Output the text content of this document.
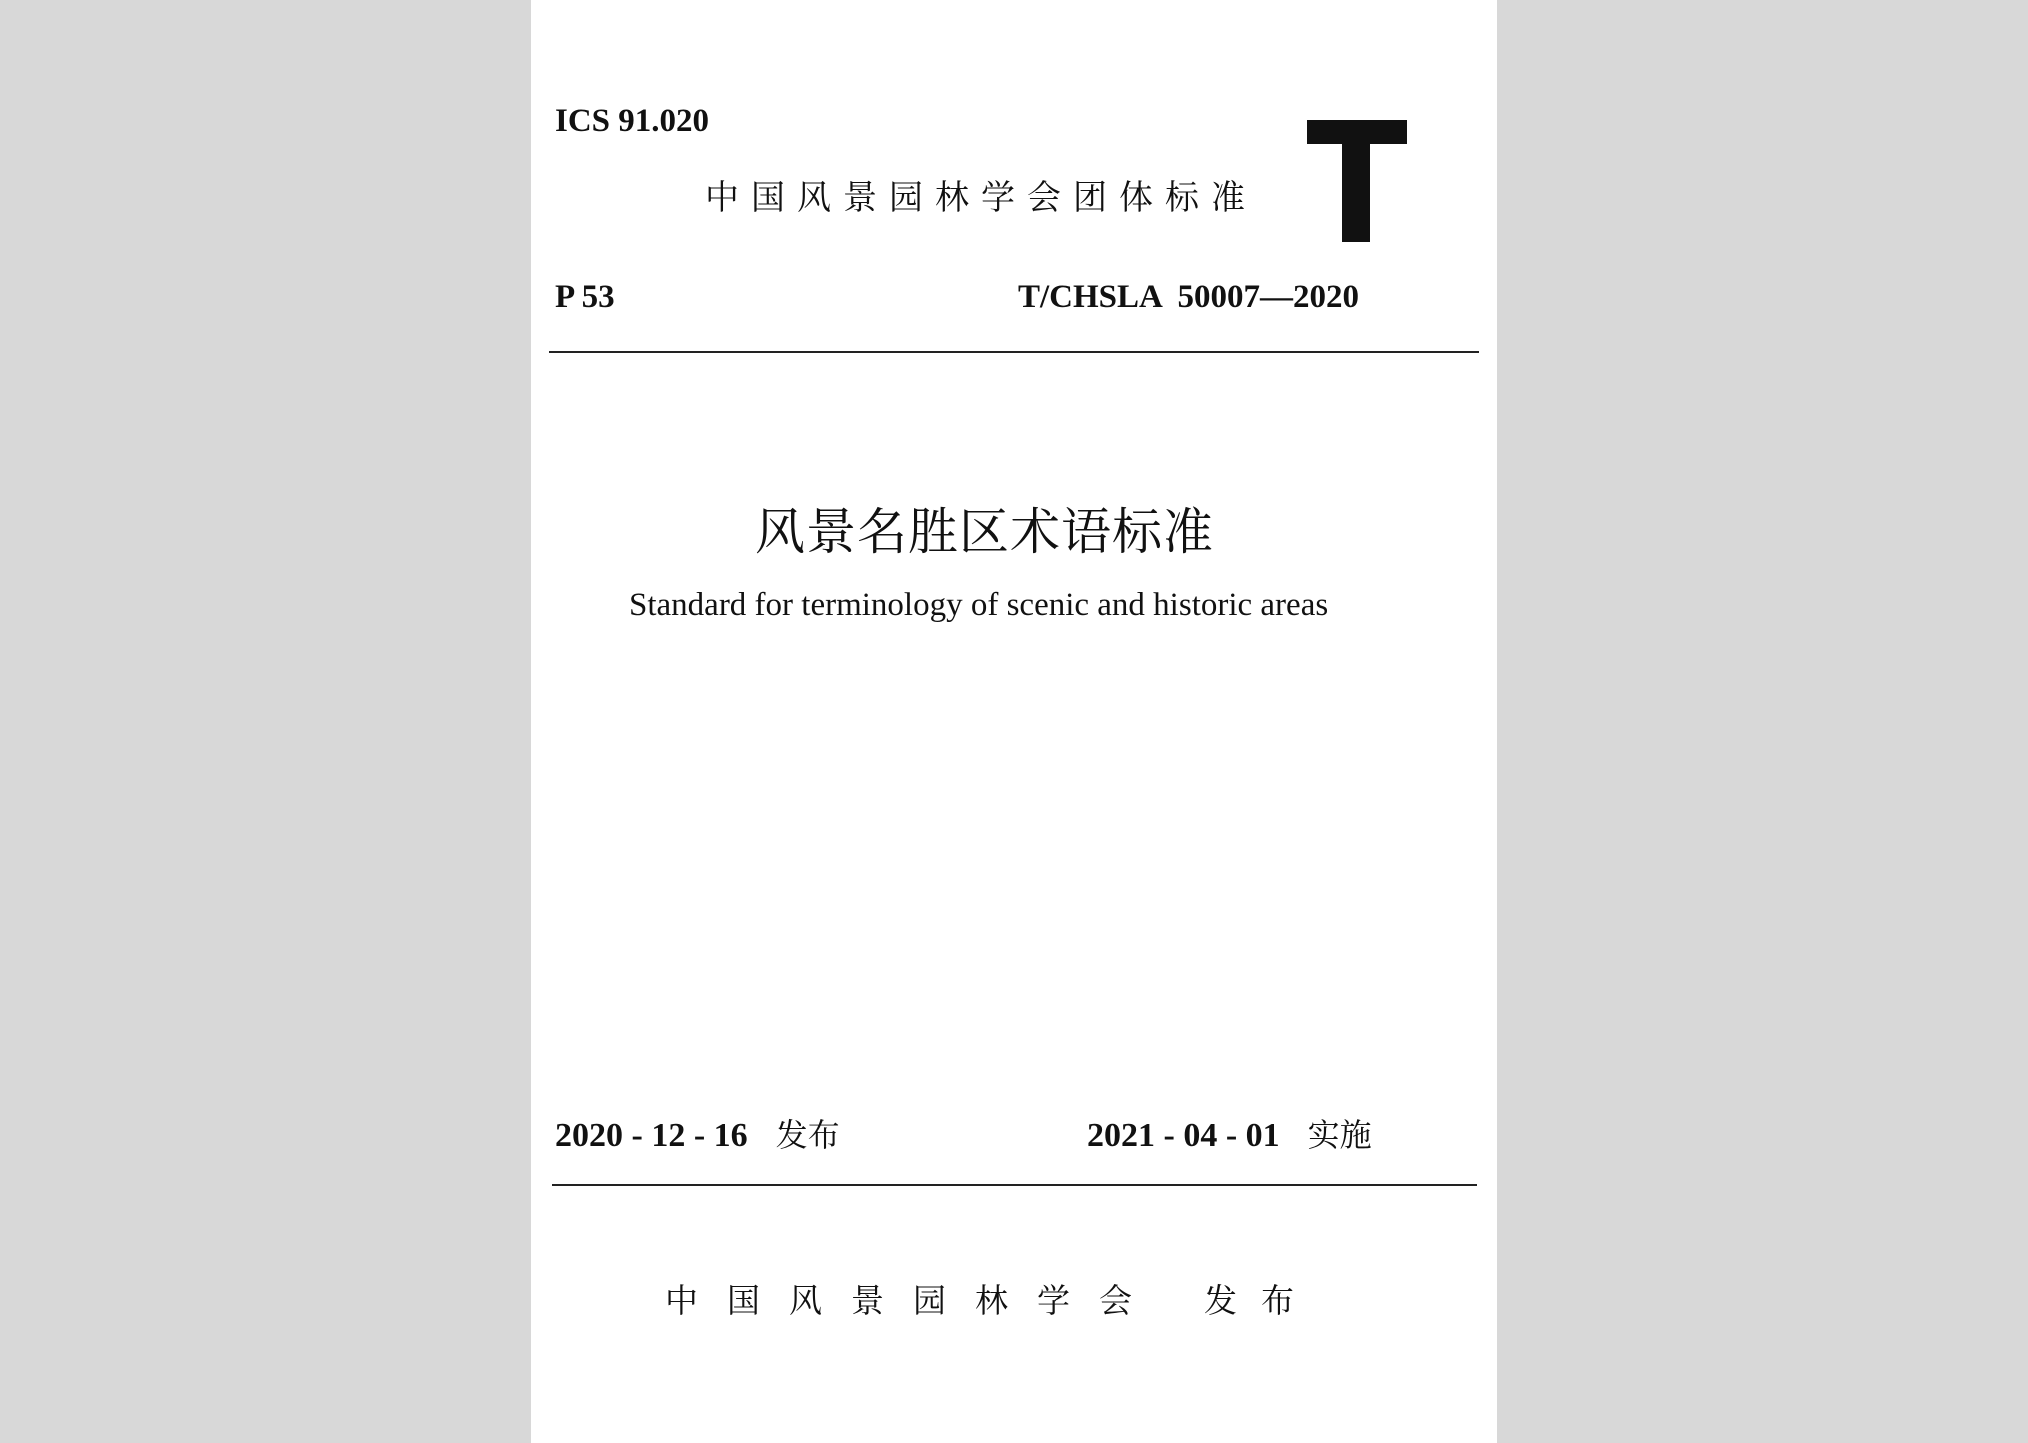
ICS 91.020
中国风景园林学会团体标准
P 53	T/CHSLA  50007—2020
风景名胜区术语标准
Standard for terminology of scenic and historic areas
2020 - 12 - 16 发布	2021 - 04 - 01 实施
中国风景园林学会 发布
